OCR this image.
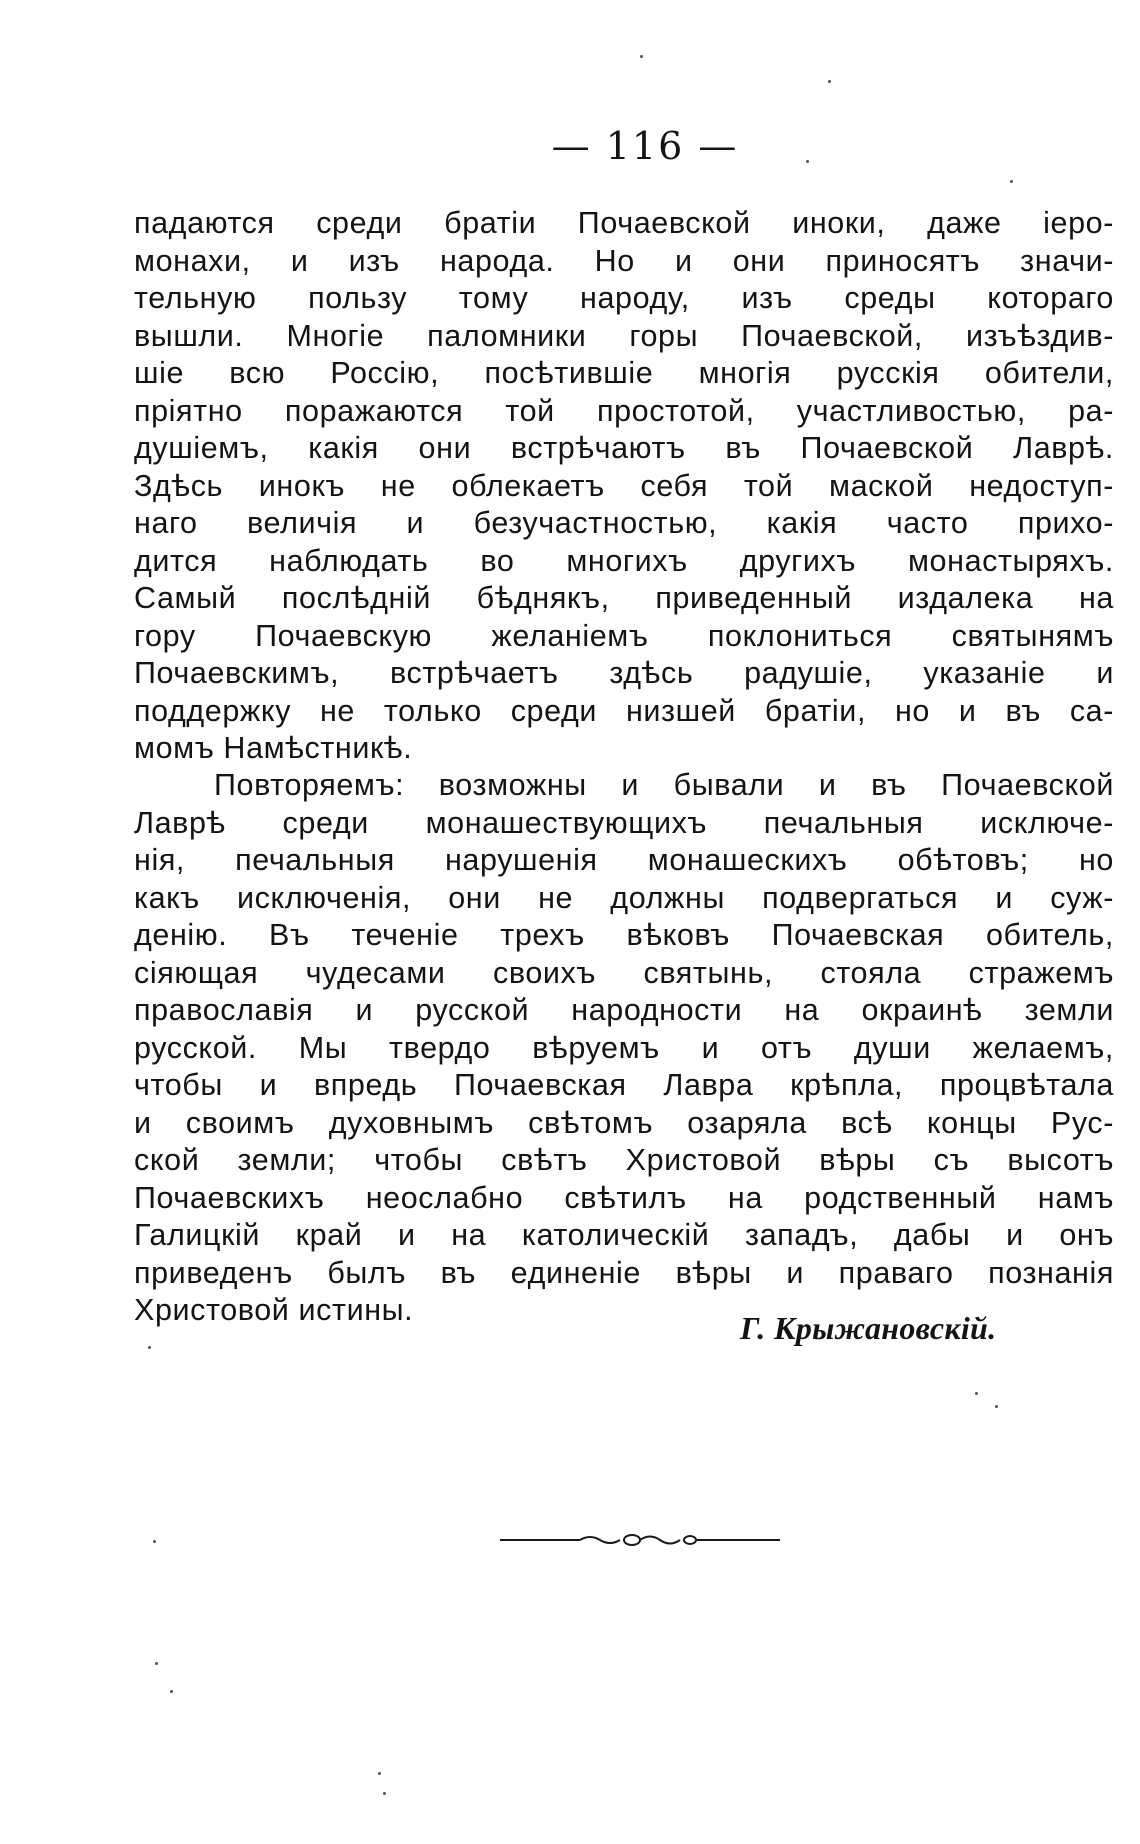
— 116 —
падаются среди братіи Почаевской иноки, даже іеро-
монахи, и изъ народа. Но и они приносятъ значи-
тельную пользу тому народу, изъ среды котораго
вышли. Многіе паломники горы Почаевской, изъѣздив-
шіе всю Россію, посѣтившіе многія русскія обители,
пріятно поражаются той простотой, участливостью, ра-
душіемъ, какія они встрѣчаютъ въ Почаевской Лаврѣ.
Здѣсь инокъ не облекаетъ себя той маской недоступ-
наго величія и безучастностью, какія часто прихо-
дится наблюдать во многихъ другихъ монастыряхъ.
Самый послѣдній бѣднякъ, приведенный издалека на
гору Почаевскую желаніемъ поклониться святынямъ
Почаевскимъ, встрѣчаетъ здѣсь радушіе, указаніе и
поддержку не только среди низшей братіи, но и въ са-
момъ Намѣстникѣ.
Повторяемъ: возможны и бывали и въ Почаевской
Лаврѣ среди монашествующихъ печальныя исключе-
нія, печальныя нарушенія монашескихъ обѣтовъ; но
какъ исключенія, они не должны подвергаться и суж-
денію. Въ теченіе трехъ вѣковъ Почаевская обитель,
сіяющая чудесами своихъ святынь, стояла стражемъ
православія и русской народности на окраинѣ земли
русской. Мы твердо вѣруемъ и отъ души желаемъ,
чтобы и впредь Почаевская Лавра крѣпла, процвѣтала
и своимъ духовнымъ свѣтомъ озаряла всѣ концы Рус-
ской земли; чтобы свѣтъ Христовой вѣры съ высотъ
Почаевскихъ неослабно свѣтилъ на родственный намъ
Галицкій край и на католическій западъ, дабы и онъ
приведенъ былъ въ единеніе вѣры и праваго познанія
Христовой истины.	Г. Крыжановскій.
